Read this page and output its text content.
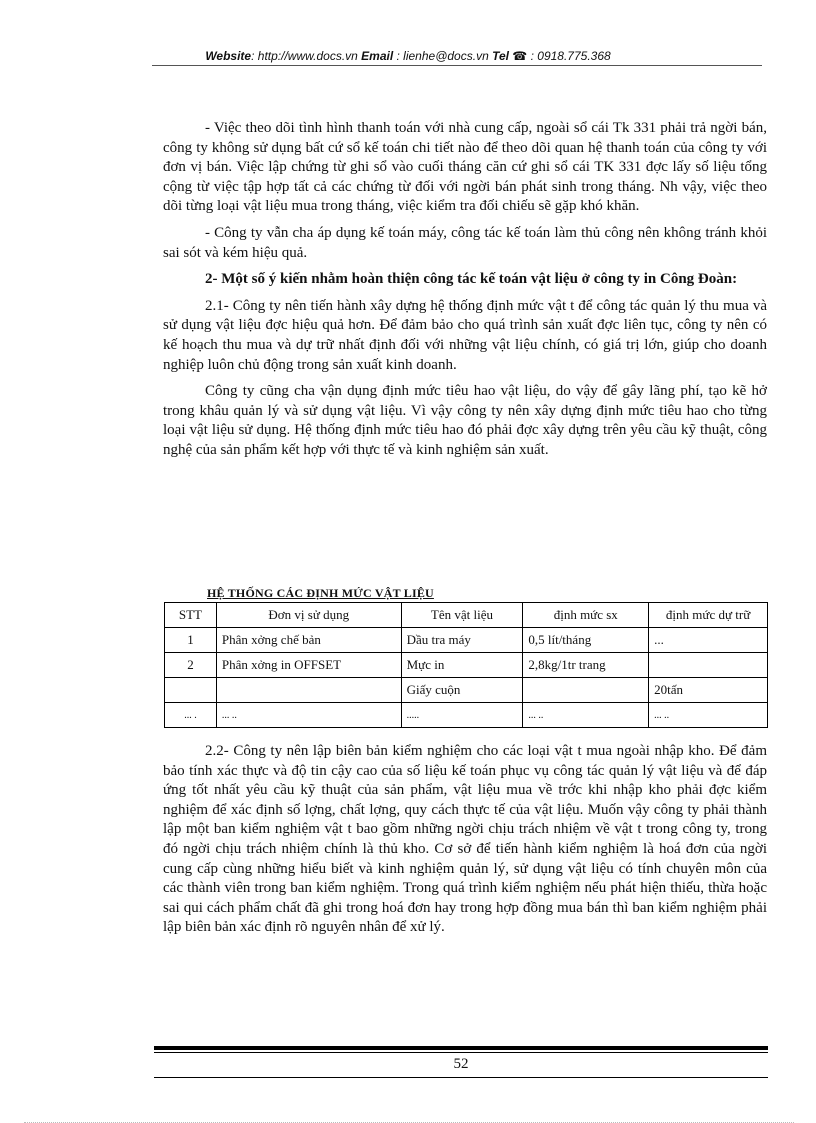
Website: http://www.docs.vn Email : lienhe@docs.vn Tel ☎ : 0918.775.368

- Việc theo dõi tình hình thanh toán với nhà cung cấp, ngoài sổ cái Tk 331 phải trả ngời bán, công ty không sử dụng bất cứ sổ kế toán chi tiết nào để theo dõi quan hệ thanh toán của công ty với đơn vị bán. Việc lập chứng từ ghi sổ vào cuối tháng căn cứ ghi sổ cái TK 331 đợc lấy số liệu tổng cộng từ việc tập hợp tất cả các chứng từ đối với ngời bán phát sinh trong tháng. Nh vậy, việc theo dõi từng loại vật liệu mua trong tháng, việc kiểm tra đối chiếu sẽ gặp khó khăn.

- Công ty vẫn cha áp dụng kế toán máy, công tác kế toán làm thủ công nên không tránh khỏi sai sót và kém hiệu quả.

2- Một số ý kiến nhằm hoàn thiện công tác kế toán vật liệu ở công ty in Công Đoàn:

2.1- Công ty nên tiến hành xây dựng hệ thống định mức vật t để công tác quản lý thu mua và sử dụng vật liệu đợc hiệu quả hơn. Để đảm bảo cho quá trình sản xuất đợc liên tục, công ty nên có kế hoạch thu mua và dự trữ nhất định đối với những vật liệu chính, có giá trị lớn, giúp cho doanh nghiệp luôn chủ động trong sản xuất kinh doanh.

Công ty cũng cha vận dụng định mức tiêu hao vật liệu, do vậy để gây lãng phí, tạo kẽ hở trong khâu quản lý và sử dụng vật liệu. Vì vậy công ty nên xây dựng định mức tiêu hao cho từng loại vật liệu sử dụng. Hệ thống định mức tiêu hao đó phải đợc xây dựng trên yêu cầu kỹ thuật, công nghệ của sản phẩm kết hợp với thực tế và kinh nghiệm sản xuất.

HỆ THỐNG CÁC ĐỊNH MỨC VẬT LIỆU
STT	Đơn vị sử dụng	Tên vật liệu	định mức sx	định mức dự trữ
1	Phân xởng chế bản	Dầu tra máy	0,5 lít/tháng	...
2	Phân xởng in OFFSET	Mực in	2,8kg/1tr trang	
		Giấy cuộn		20tấn
... .	... ..	.....	... ..	... ..

2.2- Công ty nên lập biên bản kiểm nghiệm cho các loại vật t mua ngoài nhập kho. Để đảm bảo tính xác thực và độ tin cậy cao của số liệu kế toán phục vụ công tác quản lý vật liệu và để đáp ứng tốt nhất yêu cầu kỹ thuật của sản phẩm, vật liệu mua về trớc khi nhập kho phải đợc kiểm nghiệm để xác định số lợng, chất lợng, quy cách thực tế của vật liệu. Muốn vậy công ty phải thành lập một ban kiểm nghiệm vật t bao gồm những ngời chịu trách nhiệm về vật t trong công ty, trong đó ngời chịu trách nhiệm chính là thủ kho. Cơ sở để tiến hành kiểm nghiệm là hoá đơn của ngời cung cấp cùng những hiểu biết và kinh nghiệm quản lý, sử dụng vật liệu có tính chuyên môn của các thành viên trong ban kiểm nghiệm. Trong quá trình kiểm nghiệm nếu phát hiện thiếu, thừa hoặc sai qui cách phẩm chất đã ghi trong hoá đơn hay trong hợp đồng mua bán thì ban kiểm nghiệm phải lập biên bản xác định rõ nguyên nhân để xử lý.

52
